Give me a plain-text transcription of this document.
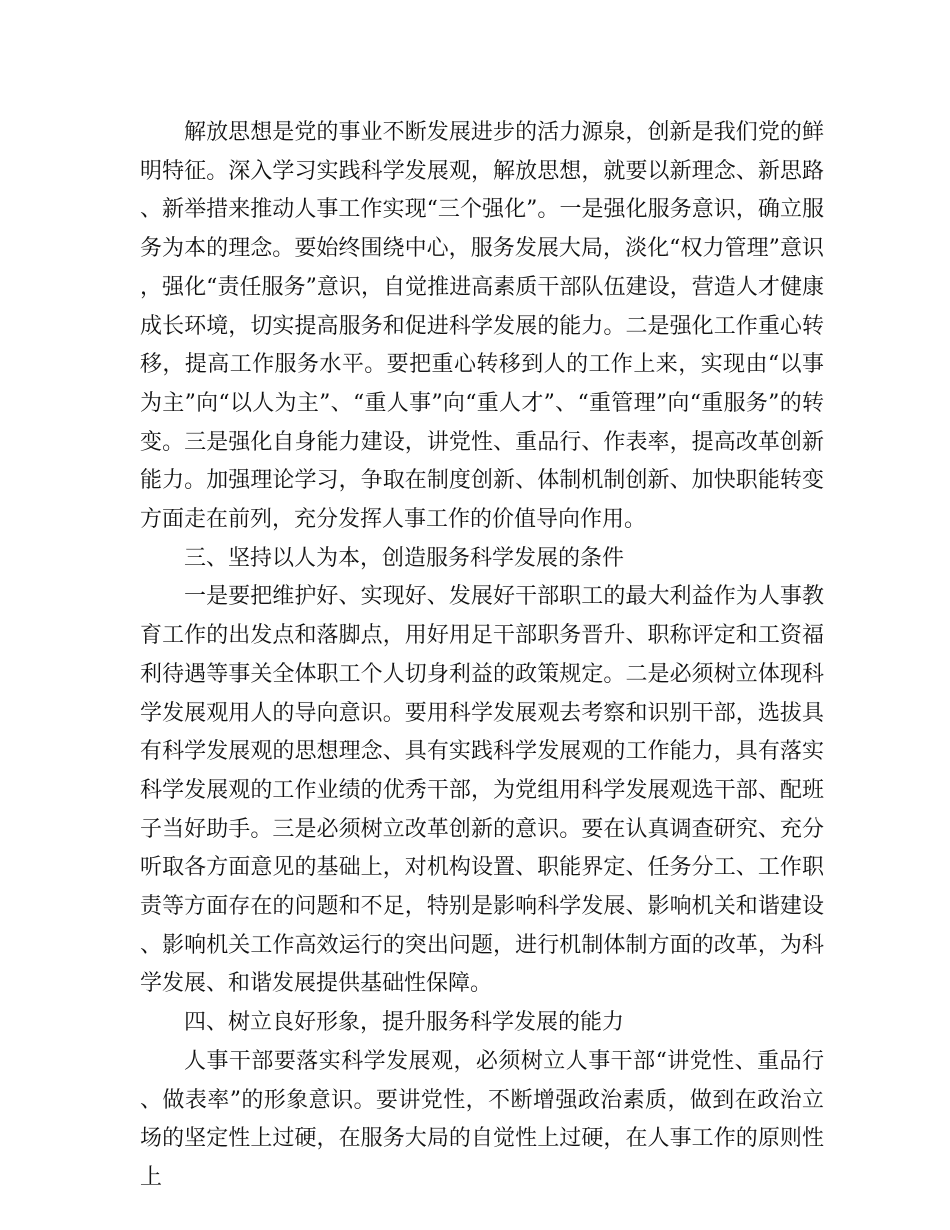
解放思想是党的事业不断发展进步的活力源泉，创新是我们党的鲜明特征。深入学习实践科学发展观，解放思想，就要以新理念、新思路、新举措来推动人事工作实现“三个强化”。一是强化服务意识，确立服务为本的理念。要始终围绕中心，服务发展大局，淡化“权力管理”意识，强化“责任服务”意识，自觉推进高素质干部队伍建设，营造人才健康成长环境，切实提高服务和促进科学发展的能力。二是强化工作重心转移，提高工作服务水平。要把重心转移到人的工作上来，实现由“以事为主”向“以人为主”、“重人事”向“重人才”、“重管理”向“重服务”的转变。三是强化自身能力建设，讲党性、重品行、作表率，提高改革创新能力。加强理论学习，争取在制度创新、体制机制创新、加快职能转变方面走在前列，充分发挥人事工作的价值导向作用。

三、坚持以人为本，创造服务科学发展的条件

一是要把维护好、实现好、发展好干部职工的最大利益作为人事教育工作的出发点和落脚点，用好用足干部职务晋升、职称评定和工资福利待遇等事关全体职工个人切身利益的政策规定。二是必须树立体现科学发展观用人的导向意识。要用科学发展观去考察和识别干部，选拔具有科学发展观的思想理念、具有实践科学发展观的工作能力，具有落实科学发展观的工作业绩的优秀干部，为党组用科学发展观选干部、配班子当好助手。三是必须树立改革创新的意识。要在认真调查研究、充分听取各方面意见的基础上，对机构设置、职能界定、任务分工、工作职责等方面存在的问题和不足，特别是影响科学发展、影响机关和谐建设、影响机关工作高效运行的突出问题，进行机制体制方面的改革，为科学发展、和谐发展提供基础性保障。

四、树立良好形象，提升服务科学发展的能力

人事干部要落实科学发展观，必须树立人事干部“讲党性、重品行、做表率”的形象意识。要讲党性，不断增强政治素质，做到在政治立场的坚定性上过硬，在服务大局的自觉性上过硬，在人事工作的原则性上
